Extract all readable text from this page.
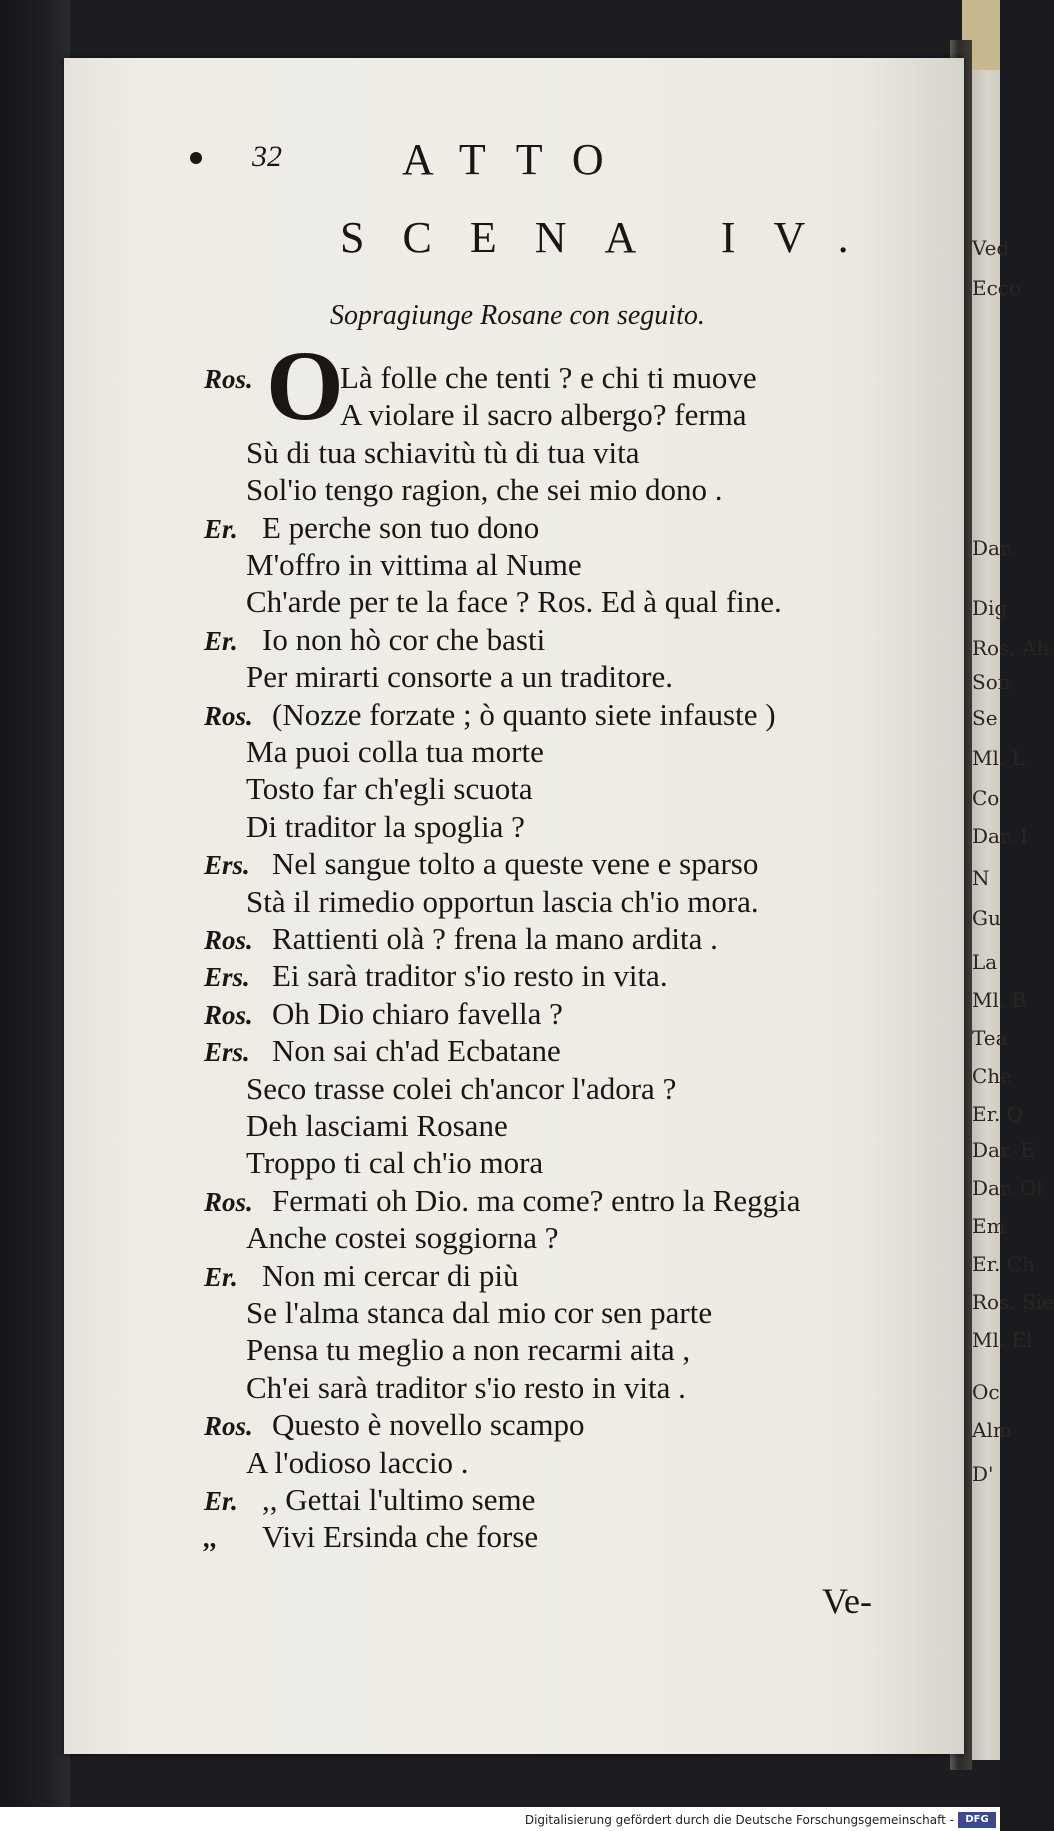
Ved
Ecco
Dar.
Dig
Ros. Ah
Son
Se
Ml. L
Co
Dar. I
N
Gu
La
Ml. B
Tea
Che
Er. Q
Dar. E
Dar. Ol
Em
Er. Ch
Ros. Sie
Ml. El
Oc
Alm
D'
32	ATTO
SCENA IV.
Sopragiunge Rosane con seguito.
O
Ros.	Là folle che tenti ? e chi ti muove
A violare il sacro albergo? ferma
Sù di tua schiavitù tù di tua vita
Sol'io tengo ragion, che sei mio dono .
Er. E perche son tuo dono
M'offro in vittima al Nume
Ch'arde per te la face ? Ros. Ed à qual fine.
Er. Io non hò cor che basti
Per mirarti consorte a un traditore.
Ros. (Nozze forzate ; ò quanto siete infauste )
Ma puoi colla tua morte
Tosto far ch'egli scuota
Di traditor la spoglia ?
Ers. Nel sangue tolto a queste vene e sparso
Stà il rimedio opportun lascia ch'io mora.
Ros. Rattienti olà ? frena la mano ardita .
Ers. Ei sarà traditor s'io resto in vita.
Ros. Oh Dio chiaro favella ?
Ers. Non sai ch'ad Ecbatane
Seco trasse colei ch'ancor l'adora ?
Deh lasciami Rosane
Troppo ti cal ch'io mora
Ros. Fermati oh Dio. ma come? entro la Reggia
Anche costei soggiorna ?
Er. Non mi cercar di più
Se l'alma stanca dal mio cor sen parte
Pensa tu meglio a non recarmi aita ,
Ch'ei sarà traditor s'io resto in vita .
Ros. Questo è novello scampo
A l'odioso laccio .
Er. ,, Gettai l'ultimo seme
,, Vivi Ersinda che forse
Ve-
Digitalisierung gefördert durch die Deutsche Forschungsgemeinschaft -	DFG
